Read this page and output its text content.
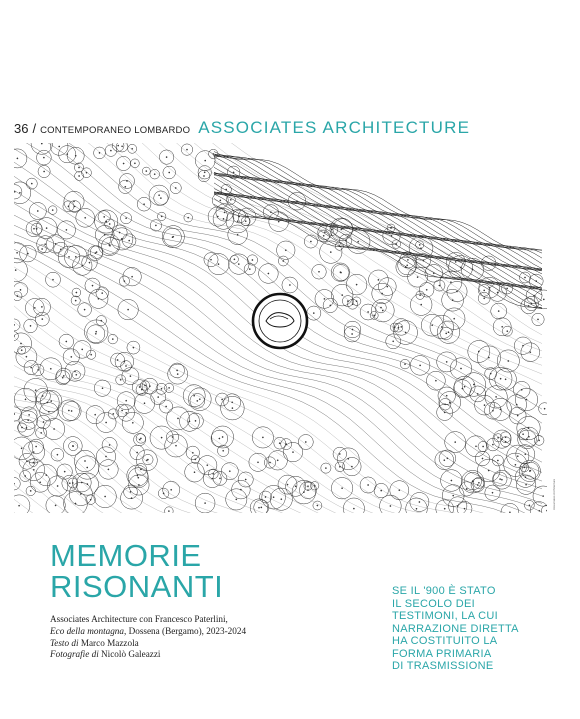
36 / CONTEMPORANEO LOMBARDO ASSOCIATES ARCHITECTURE
Associates Architecture
MEMORIE
RISONANTI
Associates Architecture con Francesco Paterlini,
Eco della montagna, Dossena (Bergamo), 2023-2024
Testo di Marco Mazzola
Fotografie di Nicolò Galeazzi
SE IL '900 È STATO
IL SECOLO DEI
TESTIMONI, LA CUI
NARRAZIONE DIRETTA
HA COSTITUITO LA
FORMA PRIMARIA
DI TRASMISSIONE
